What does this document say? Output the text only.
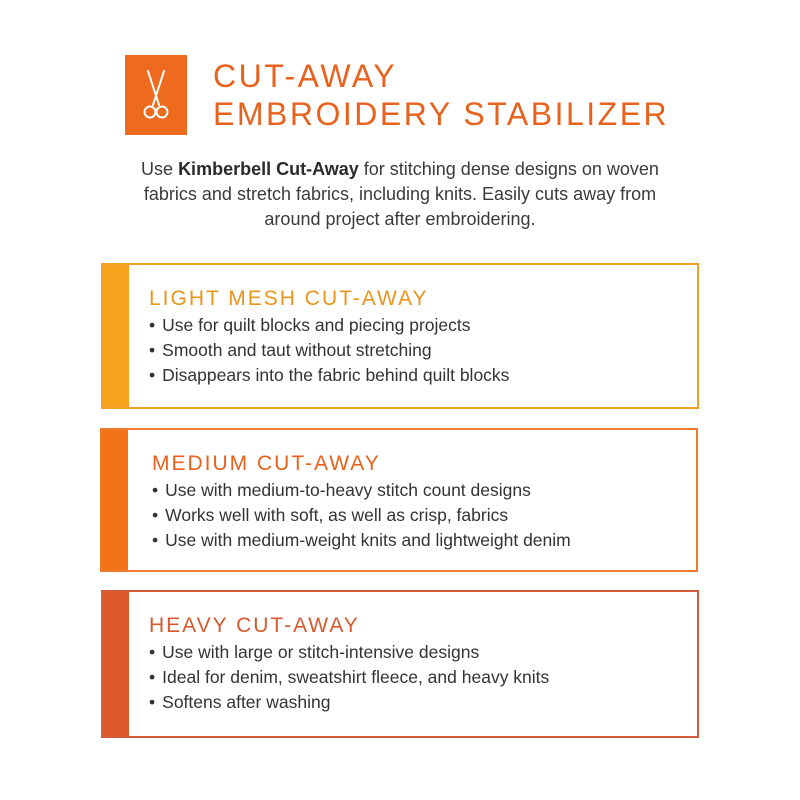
CUT-AWAY
EMBROIDERY STABILIZER
Use Kimberbell Cut-Away for stitching dense designs on woven fabrics and stretch fabrics, including knits. Easily cuts away from around project after embroidering.
LIGHT MESH CUT-AWAY
• Use for quilt blocks and piecing projects
• Smooth and taut without stretching
• Disappears into the fabric behind quilt blocks
MEDIUM CUT-AWAY
• Use with medium-to-heavy stitch count designs
• Works well with soft, as well as crisp, fabrics
• Use with medium-weight knits and lightweight denim
HEAVY CUT-AWAY
• Use with large or stitch-intensive designs
• Ideal for denim, sweatshirt fleece, and heavy knits
• Softens after washing
